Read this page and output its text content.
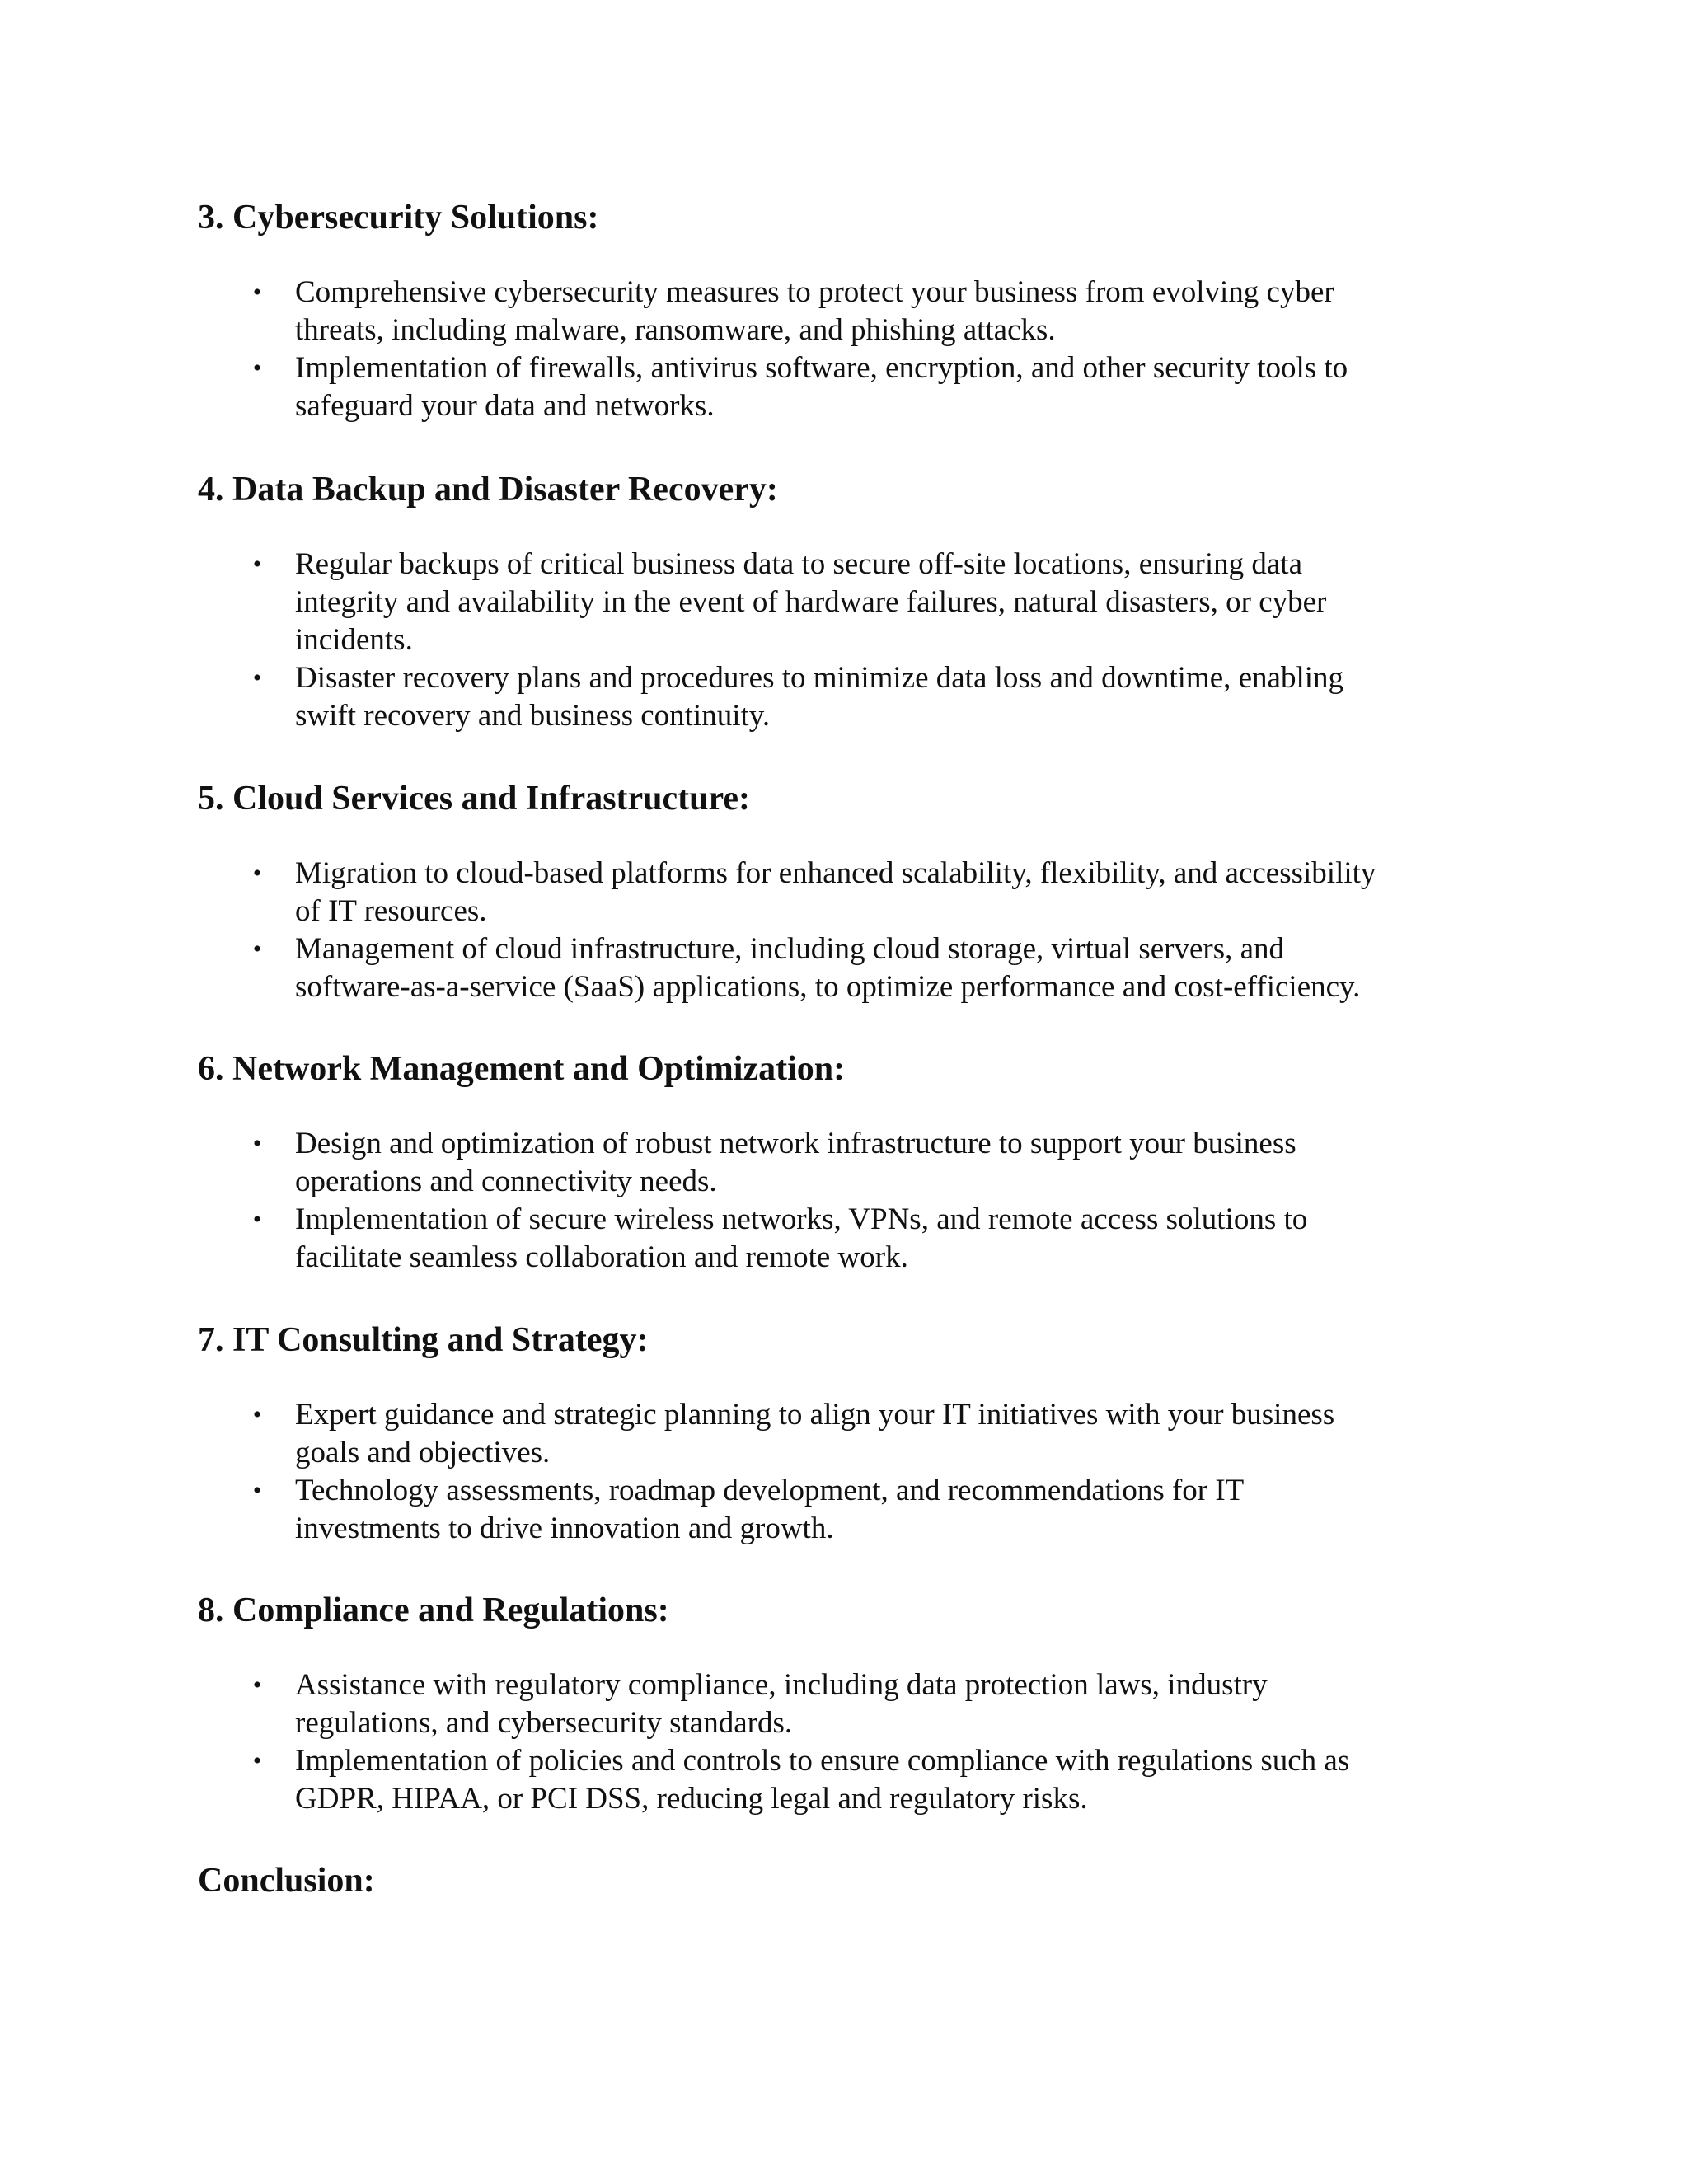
3. Cybersecurity Solutions:
• Comprehensive cybersecurity measures to protect your business from evolving cyber
threats, including malware, ransomware, and phishing attacks.
• Implementation of firewalls, antivirus software, encryption, and other security tools to
safeguard your data and networks.
4. Data Backup and Disaster Recovery:
• Regular backups of critical business data to secure off-site locations, ensuring data
integrity and availability in the event of hardware failures, natural disasters, or cyber
incidents.
• Disaster recovery plans and procedures to minimize data loss and downtime, enabling
swift recovery and business continuity.
5. Cloud Services and Infrastructure:
• Migration to cloud-based platforms for enhanced scalability, flexibility, and accessibility
of IT resources.
• Management of cloud infrastructure, including cloud storage, virtual servers, and
software-as-a-service (SaaS) applications, to optimize performance and cost-efficiency.
6. Network Management and Optimization:
• Design and optimization of robust network infrastructure to support your business
operations and connectivity needs.
• Implementation of secure wireless networks, VPNs, and remote access solutions to
facilitate seamless collaboration and remote work.
7. IT Consulting and Strategy:
• Expert guidance and strategic planning to align your IT initiatives with your business
goals and objectives.
• Technology assessments, roadmap development, and recommendations for IT
investments to drive innovation and growth.
8. Compliance and Regulations:
• Assistance with regulatory compliance, including data protection laws, industry
regulations, and cybersecurity standards.
• Implementation of policies and controls to ensure compliance with regulations such as
GDPR, HIPAA, or PCI DSS, reducing legal and regulatory risks.
Conclusion:
